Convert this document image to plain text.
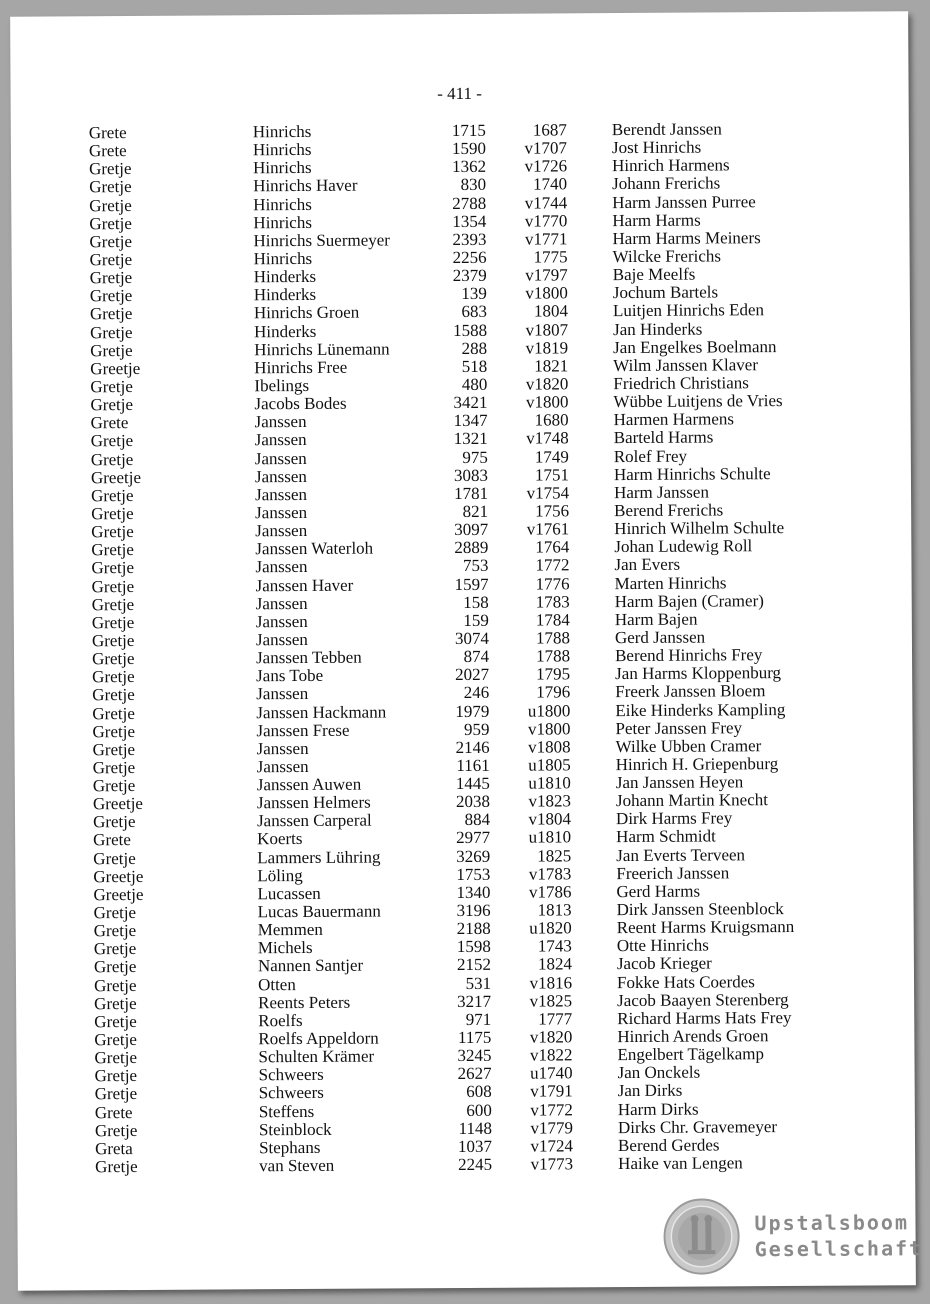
- 411 -
Grete	Hinrichs	1715	1687	Berendt Janssen
Grete	Hinrichs	1590	v1707	Jost Hinrichs
Gretje	Hinrichs	1362	v1726	Hinrich Harmens
Gretje	Hinrichs Haver	830	1740	Johann Frerichs
Gretje	Hinrichs	2788	v1744	Harm Janssen Purree
Gretje	Hinrichs	1354	v1770	Harm Harms
Gretje	Hinrichs Suermeyer	2393	v1771	Harm Harms Meiners
Gretje	Hinrichs	2256	1775	Wilcke Frerichs
Gretje	Hinderks	2379	v1797	Baje Meelfs
Gretje	Hinderks	139	v1800	Jochum Bartels
Gretje	Hinrichs Groen	683	1804	Luitjen Hinrichs Eden
Gretje	Hinderks	1588	v1807	Jan Hinderks
Gretje	Hinrichs Lünemann	288	v1819	Jan Engelkes Boelmann
Greetje	Hinrichs Free	518	1821	Wilm Janssen Klaver
Gretje	Ibelings	480	v1820	Friedrich Christians
Gretje	Jacobs Bodes	3421	v1800	Wübbe Luitjens de Vries
Grete	Janssen	1347	1680	Harmen Harmens
Gretje	Janssen	1321	v1748	Barteld Harms
Gretje	Janssen	975	1749	Rolef Frey
Greetje	Janssen	3083	1751	Harm Hinrichs Schulte
Gretje	Janssen	1781	v1754	Harm Janssen
Gretje	Janssen	821	1756	Berend Frerichs
Gretje	Janssen	3097	v1761	Hinrich Wilhelm Schulte
Gretje	Janssen Waterloh	2889	1764	Johan Ludewig Roll
Gretje	Janssen	753	1772	Jan Evers
Gretje	Janssen Haver	1597	1776	Marten Hinrichs
Gretje	Janssen	158	1783	Harm Bajen (Cramer)
Gretje	Janssen	159	1784	Harm Bajen
Gretje	Janssen	3074	1788	Gerd Janssen
Gretje	Janssen Tebben	874	1788	Berend Hinrichs Frey
Gretje	Jans Tobe	2027	1795	Jan Harms Kloppenburg
Gretje	Janssen	246	1796	Freerk Janssen Bloem
Gretje	Janssen Hackmann	1979	u1800	Eike Hinderks Kampling
Gretje	Janssen Frese	959	v1800	Peter Janssen Frey
Gretje	Janssen	2146	v1808	Wilke Ubben Cramer
Gretje	Janssen	1161	u1805	Hinrich H. Griepenburg
Gretje	Janssen Auwen	1445	u1810	Jan Janssen Heyen
Greetje	Janssen Helmers	2038	v1823	Johann Martin Knecht
Gretje	Janssen Carperal	884	v1804	Dirk Harms Frey
Grete	Koerts	2977	u1810	Harm Schmidt
Gretje	Lammers Lühring	3269	1825	Jan Everts Terveen
Greetje	Löling	1753	v1783	Freerich Janssen
Greetje	Lucassen	1340	v1786	Gerd Harms
Gretje	Lucas Bauermann	3196	1813	Dirk Janssen Steenblock
Gretje	Memmen	2188	u1820	Reent Harms Kruigsmann
Gretje	Michels	1598	1743	Otte Hinrichs
Gretje	Nannen Santjer	2152	1824	Jacob Krieger
Gretje	Otten	531	v1816	Fokke Hats Coerdes
Gretje	Reents Peters	3217	v1825	Jacob Baayen Sterenberg
Gretje	Roelfs	971	1777	Richard Harms Hats Frey
Gretje	Roelfs Appeldorn	1175	v1820	Hinrich Arends Groen
Gretje	Schulten Krämer	3245	v1822	Engelbert Tägelkamp
Gretje	Schweers	2627	u1740	Jan Onckels
Gretje	Schweers	608	v1791	Jan Dirks
Grete	Steffens	600	v1772	Harm Dirks
Gretje	Steinblock	1148	v1779	Dirks Chr. Gravemeyer
Greta	Stephans	1037	v1724	Berend Gerdes
Gretje	van Steven	2245	v1773	Haike van Lengen
Upstalsboom
Gesellschaft
